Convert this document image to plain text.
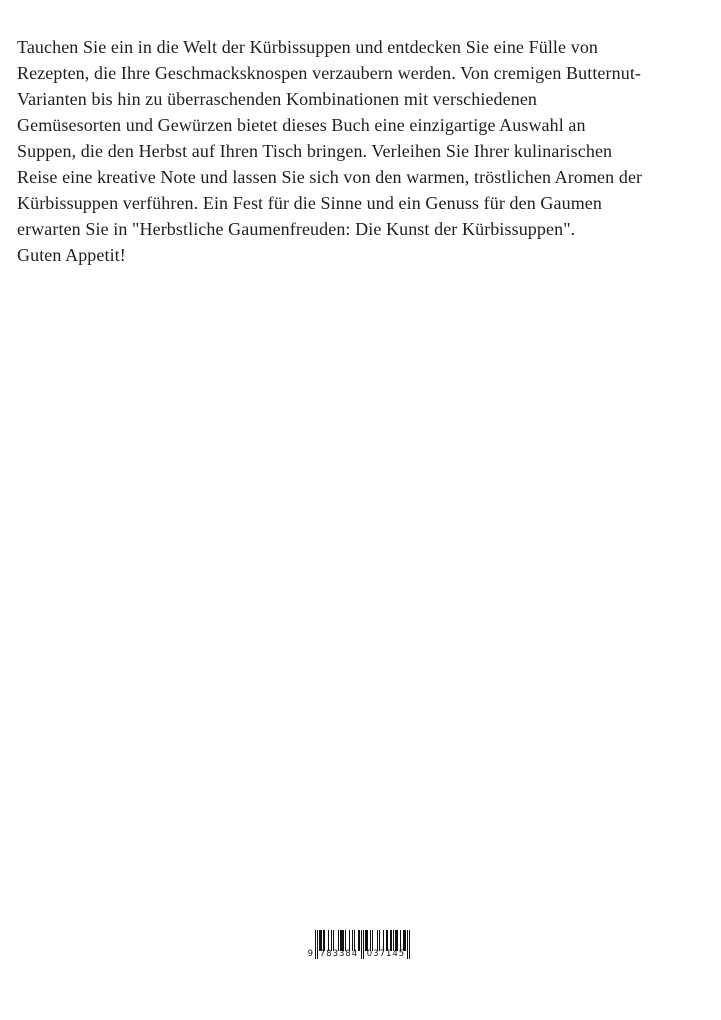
Tauchen Sie ein in die Welt der Kürbissuppen und entdecken Sie eine Fülle von
Rezepten, die Ihre Geschmacksknospen verzaubern werden. Von cremigen Butternut-
Varianten bis hin zu überraschenden Kombinationen mit verschiedenen
Gemüsesorten und Gewürzen bietet dieses Buch eine einzigartige Auswahl an
Suppen, die den Herbst auf Ihren Tisch bringen. Verleihen Sie Ihrer kulinarischen
Reise eine kreative Note und lassen Sie sich von den warmen, tröstlichen Aromen der
Kürbissuppen verführen. Ein Fest für die Sinne und ein Genuss für den Gaumen
erwarten Sie in "Herbstliche Gaumenfreuden: Die Kunst der Kürbissuppen".
Guten Appetit!
9 783384 037145
